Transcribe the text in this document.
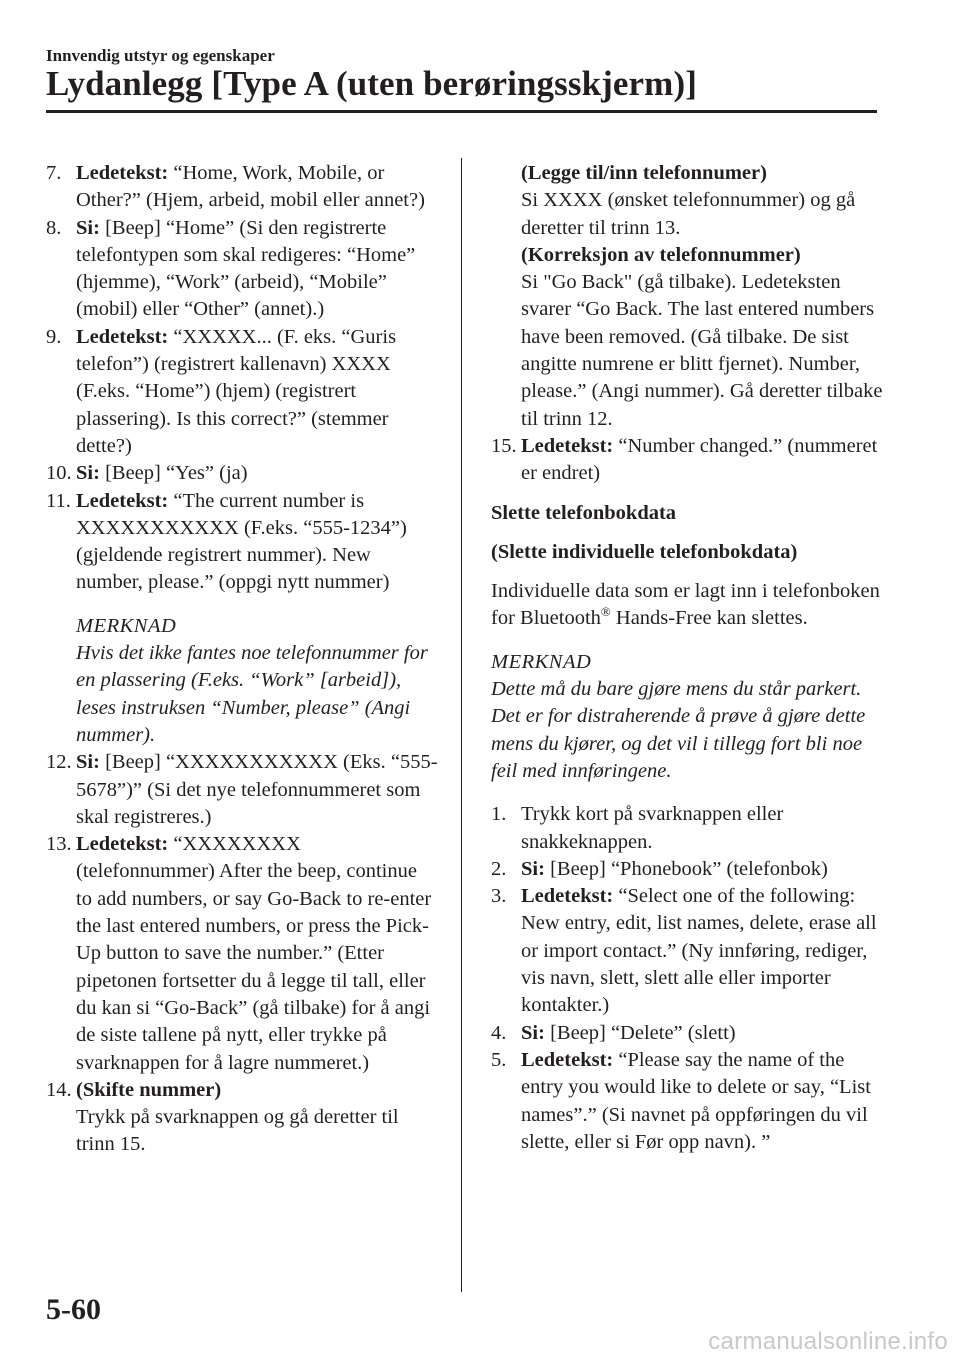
Innvendig utstyr og egenskaper
Lydanlegg [Type A (uten berøringsskjerm)]
7. Ledetekst: “Home, Work, Mobile, or Other?” (Hjem, arbeid, mobil eller annet?)
8. Si: [Beep] “Home” (Si den registrerte telefontypen som skal redigeres: “Home” (hjemme), “Work” (arbeid), “Mobile” (mobil) eller “Other” (annet).)
9. Ledetekst: “XXXXX... (F. eks. “Guris telefon”) (registrert kallenavn) XXXX (F.eks. “Home”) (hjem) (registrert plassering). Is this correct?” (stemmer dette?)
10. Si: [Beep] “Yes” (ja)
11. Ledetekst: “The current number is XXXXXXXXXXX (F.eks. “555-1234”) (gjeldende registrert nummer). New number, please.” (oppgi nytt nummer)
MERKNAD
Hvis det ikke fantes noe telefonnummer for en plassering (F.eks. “Work” [arbeid]), leses instruksen “Number, please” (Angi nummer).
12. Si: [Beep] “XXXXXXXXXXX (Eks. “555-5678”)” (Si det nye telefonnummeret som skal registreres.)
13. Ledetekst: “XXXXXXXX (telefonnummer) After the beep, continue to add numbers, or say Go-Back to re-enter the last entered numbers, or press the Pick-Up button to save the number.” (Etter pipetonen fortsetter du å legge til tall, eller du kan si “Go-Back” (gå tilbake) for å angi de siste tallene på nytt, eller trykke på svarknappen for å lagre nummeret.)
14. (Skifte nummer)
Trykk på svarknappen og gå deretter til trinn 15.
(Legge til/inn telefonnumer)
Si XXXX (ønsket telefonnummer) og gå deretter til trinn 13.
(Korreksjon av telefonnummer)
Si "Go Back" (gå tilbake). Ledeteksten svarer “Go Back. The last entered numbers have been removed. (Gå tilbake. De sist angitte numrene er blitt fjernet). Number, please.” (Angi nummer). Gå deretter tilbake til trinn 12.
15. Ledetekst: “Number changed.” (nummeret er endret)
Slette telefonbokdata
(Slette individuelle telefonbokdata)
Individuelle data som er lagt inn i telefonboken for Bluetooth® Hands-Free kan slettes.
MERKNAD
Dette må du bare gjøre mens du står parkert. Det er for distraherende å prøve å gjøre dette mens du kjører, og det vil i tillegg fort bli noe feil med innføringene.
1. Trykk kort på svarknappen eller snakkeknappen.
2. Si: [Beep] “Phonebook” (telefonbok)
3. Ledetekst: “Select one of the following: New entry, edit, list names, delete, erase all or import contact.” (Ny innføring, rediger, vis navn, slett, slett alle eller importer kontakter.)
4. Si: [Beep] “Delete” (slett)
5. Ledetekst: “Please say the name of the entry you would like to delete or say, “List names”.” (Si navnet på oppføringen du vil slette, eller si Før opp navn). ”
5-60
carmanualsonline.info
